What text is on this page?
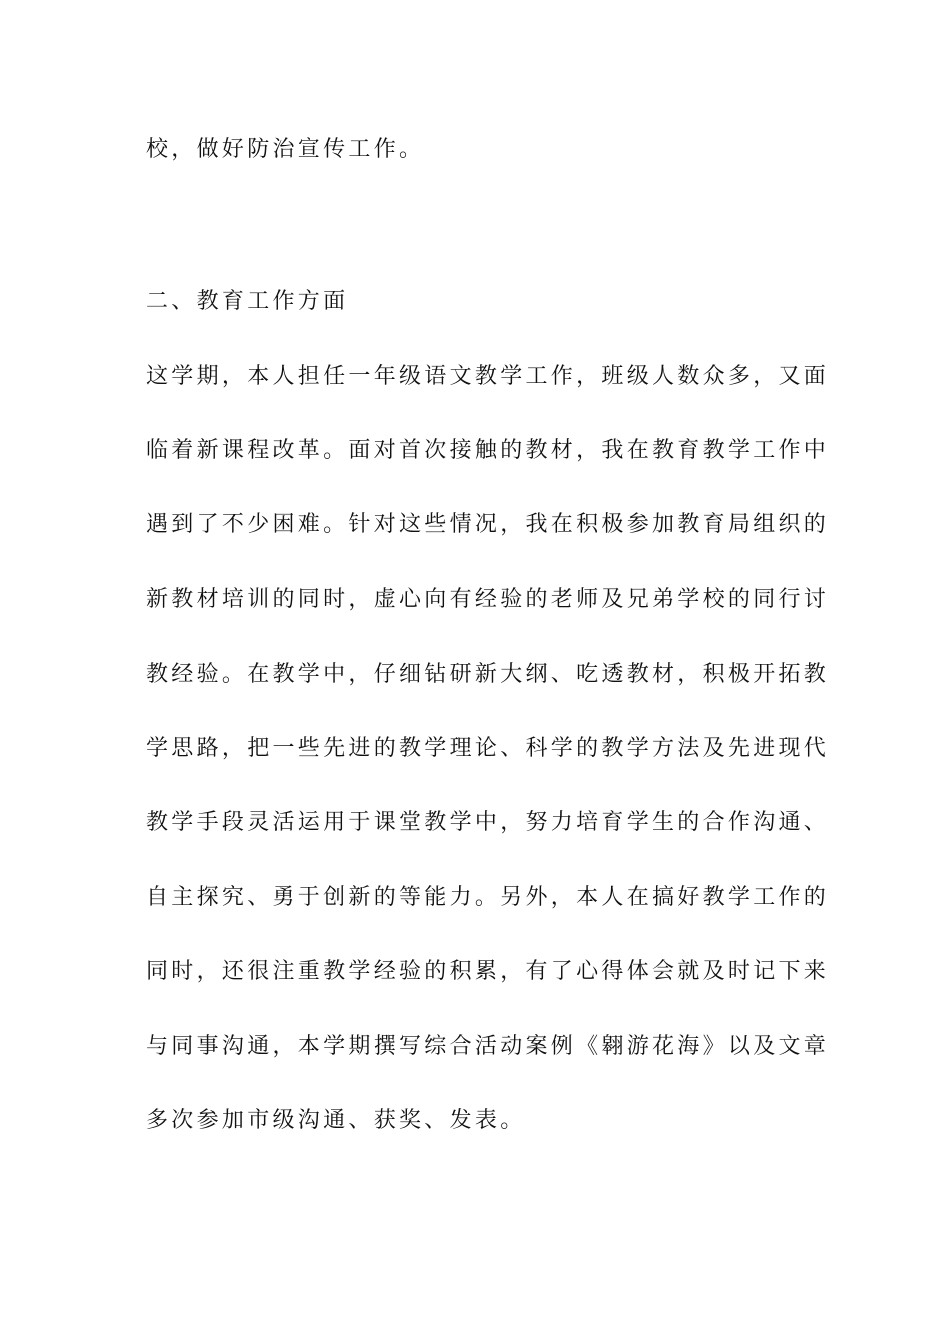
校，做好防治宣传工作。
二、教育工作方面
这学期，本人担任一年级语文教学工作，班级人数众多，又面
临着新课程改革。面对首次接触的教材，我在教育教学工作中
遇到了不少困难。针对这些情况，我在积极参加教育局组织的
新教材培训的同时，虚心向有经验的老师及兄弟学校的同行讨
教经验。在教学中，仔细钻研新大纲、吃透教材，积极开拓教
学思路，把一些先进的教学理论、科学的教学方法及先进现代
教学手段灵活运用于课堂教学中，努力培育学生的合作沟通、
自主探究、勇于创新的等能力。另外，本人在搞好教学工作的
同时，还很注重教学经验的积累，有了心得体会就及时记下来
与同事沟通，本学期撰写综合活动案例《翱游花海》以及文章
多次参加市级沟通、获奖、发表。
